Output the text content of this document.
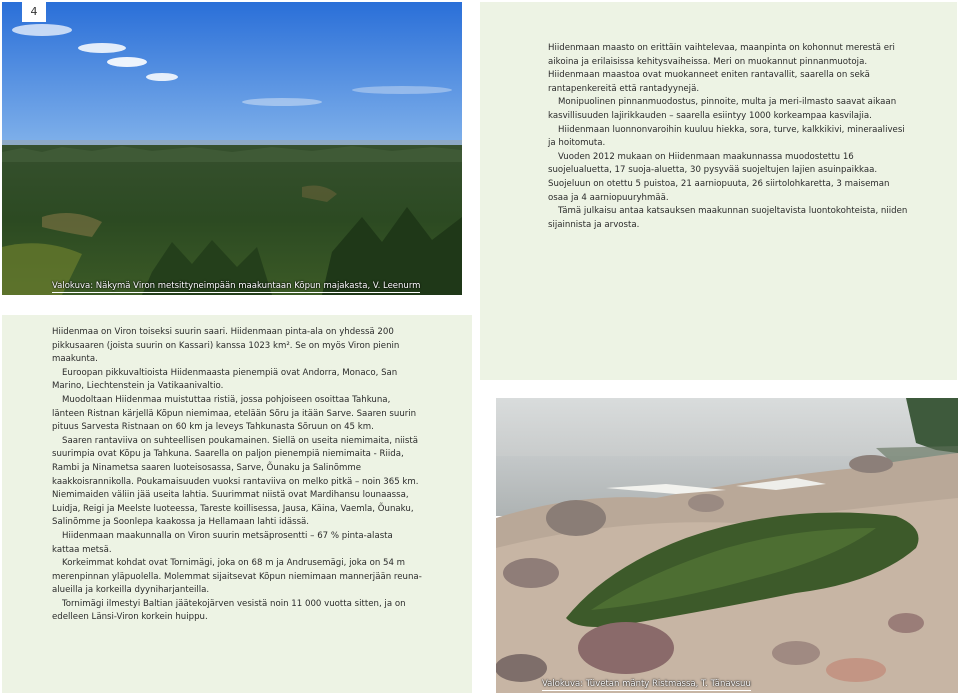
Valokuva: Näkymä Viron metsittyneimpään maakuntaan Kõpun majakasta, V. Leenurm
4

Hiidenmaan maasto on erittäin vaihtelevaa, maanpinta on kohonnut merestä eri aikoina ja erilaisissa kehitysvaiheissa. Meri on muokannut pinnanmuotoja. Hiidenmaan maastoa ovat muokanneet eniten rantavallit, saarella on sekä rantapenkereitä että rantadyynejä.

Monipuolinen pinnanmuodostus, pinnoite, multa ja meri-ilmasto saavat aikaan kasvillisuuden lajirikkauden – saarella esiintyy 1000 korkeampaa kasvilajia.

Hiidenmaan luonnonvaroihin kuuluu hiekka, sora, turve, kalkkikivi, mineraalivesi ja hoitomuta.

Vuoden 2012 mukaan on Hiidenmaan maakunnassa muodostettu 16 suojelualuetta, 17 suoja-aluetta, 30 pysyvää suojeltujen lajien asuinpaikkaa. Suojeluun on otettu 5 puistoa, 21 aarniopuuta, 26 siirtolohkaretta, 3 maiseman osaa ja 4 aarniopuuryhmää.

Tämä julkaisu antaa katsauksen maakunnan suojeltavista luontokohteista, niiden sijainnista ja arvosta.

Hiidenmaa on Viron toiseksi suurin saari. Hiidenmaan pinta-ala on yhdessä 200 pikkusaaren (joista suurin on Kassari) kanssa 1023 km². Se on myös Viron pienin maakunta.

Euroopan pikkuvaltioista Hiidenmaasta pienempiä ovat Andorra, Monaco, San Marino, Liechtenstein ja Vatikaanivaltio.

Muodoltaan Hiidenmaa muistuttaa ristiä, jossa pohjoiseen osoittaa Tahkuna, länteen Ristnan kärjellä Kõpun niemimaa, etelään Sõru ja itään Sarve. Saaren suurin pituus Sarvesta Ristnaan on 60 km ja leveys Tahkunasta Sõruun on 45 km.

Saaren rantaviiva on suhteellisen poukamainen. Siellä on useita niemimaita, niistä suurimpia ovat Kõpu ja Tahkuna. Saarella on paljon pienempiä niemimaita - Riida, Rambi ja Ninametsa saaren luoteisosassa, Sarve, Õunaku ja Salinõmme kaakkoisrannikolla. Poukamaisuuden vuoksi rantaviiva on melko pitkä – noin 365 km. Niemimaiden väliin jää useita lahtia. Suurimmat niistä ovat Mardihansu lounaassa, Luidja, Reigi ja Meelste luoteessa, Tareste koillisessa, Jausa, Käina, Vaemla, Õunaku, Salinõmme ja Soonlepa kaakossa ja Hellamaan lahti idässä.

Hiidenmaan maakunnalla on Viron suurin metsäprosentti – 67 % pinta-alasta kattaa metsä.

Korkeimmat kohdat ovat Tornimägi, joka on 68 m ja Andrusemägi, joka on 54 m merenpinnan yläpuolella. Molemmat sijaitsevat Kõpun niemimaan mannerjään reuna-alueilla ja korkeilla dyyniharjanteilla.

Tornimägi ilmestyi Baltian jäätekojärven vesistä noin 11 000 vuotta sitten, ja on edelleen Länsi-Viron korkein huippu.

Valokuva: Tüvetan mänty Ristmassa, T. Tänavsuu
